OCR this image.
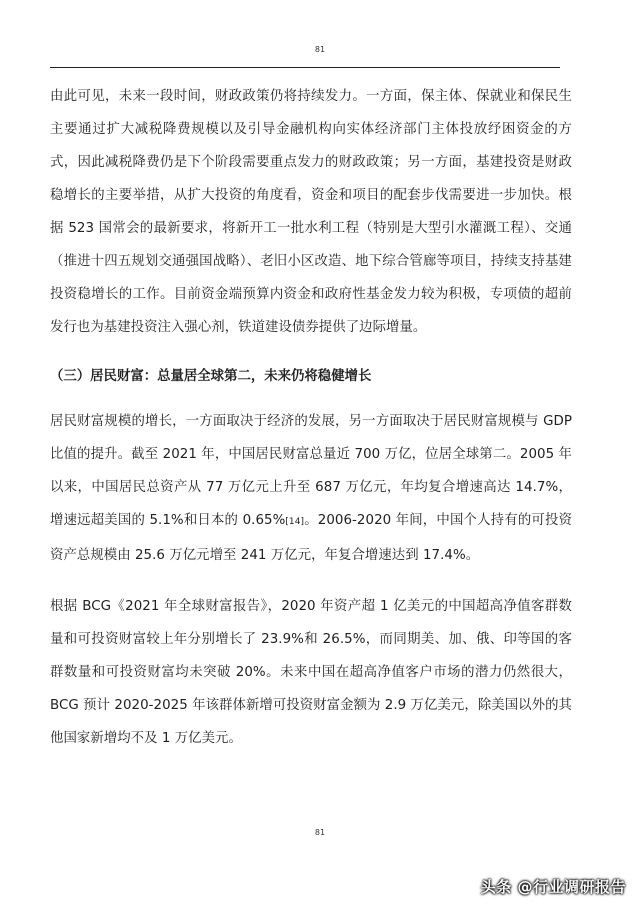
81

由此可见，未来一段时间，财政政策仍将持续发力。一方面，保主体、保就业和保民生主要通过扩大减税降费规模以及引导金融机构向实体经济部门主体投放纾困资金的方式，因此减税降费仍是下个阶段需要重点发力的财政政策；另一方面，基建投资是财政稳增长的主要举措，从扩大投资的角度看，资金和项目的配套步伐需要进一步加快。根据 523 国常会的最新要求，将新开工一批水利工程（特别是大型引水灌溉工程）、交通（推进十四五规划交通强国战略）、老旧小区改造、地下综合管廊等项目，持续支持基建投资稳增长的工作。目前资金端预算内资金和政府性基金发力较为积极，专项债的超前发行也为基建投资注入强心剂，铁道建设债券提供了边际增量。

（三）居民财富：总量居全球第二，未来仍将稳健增长

居民财富规模的增长，一方面取决于经济的发展，另一方面取决于居民财富规模与 GDP 比值的提升。截至 2021 年，中国居民财富总量近 700 万亿，位居全球第二。2005 年以来，中国居民总资产从 77 万亿元上升至 687 万亿元，年均复合增速高达 14.7%，增速远超美国的 5.1%和日本的 0.65%[14]。2006-2020 年间，中国个人持有的可投资资产总规模由 25.6 万亿元增至 241 万亿元，年复合增速达到 17.4%。

根据 BCG《2021 年全球财富报告》，2020 年资产超 1 亿美元的中国超高净值客群数量和可投资财富较上年分别增长了 23.9%和 26.5%，而同期美、加、俄、印等国的客群数量和可投资财富均未突破 20%。未来中国在超高净值客户市场的潜力仍然很大，BCG 预计 2020-2025 年该群体新增可投资财富金额为 2.9 万亿美元，除美国以外的其他国家新增均不及 1 万亿美元。

81
头条 @行业调研报告
